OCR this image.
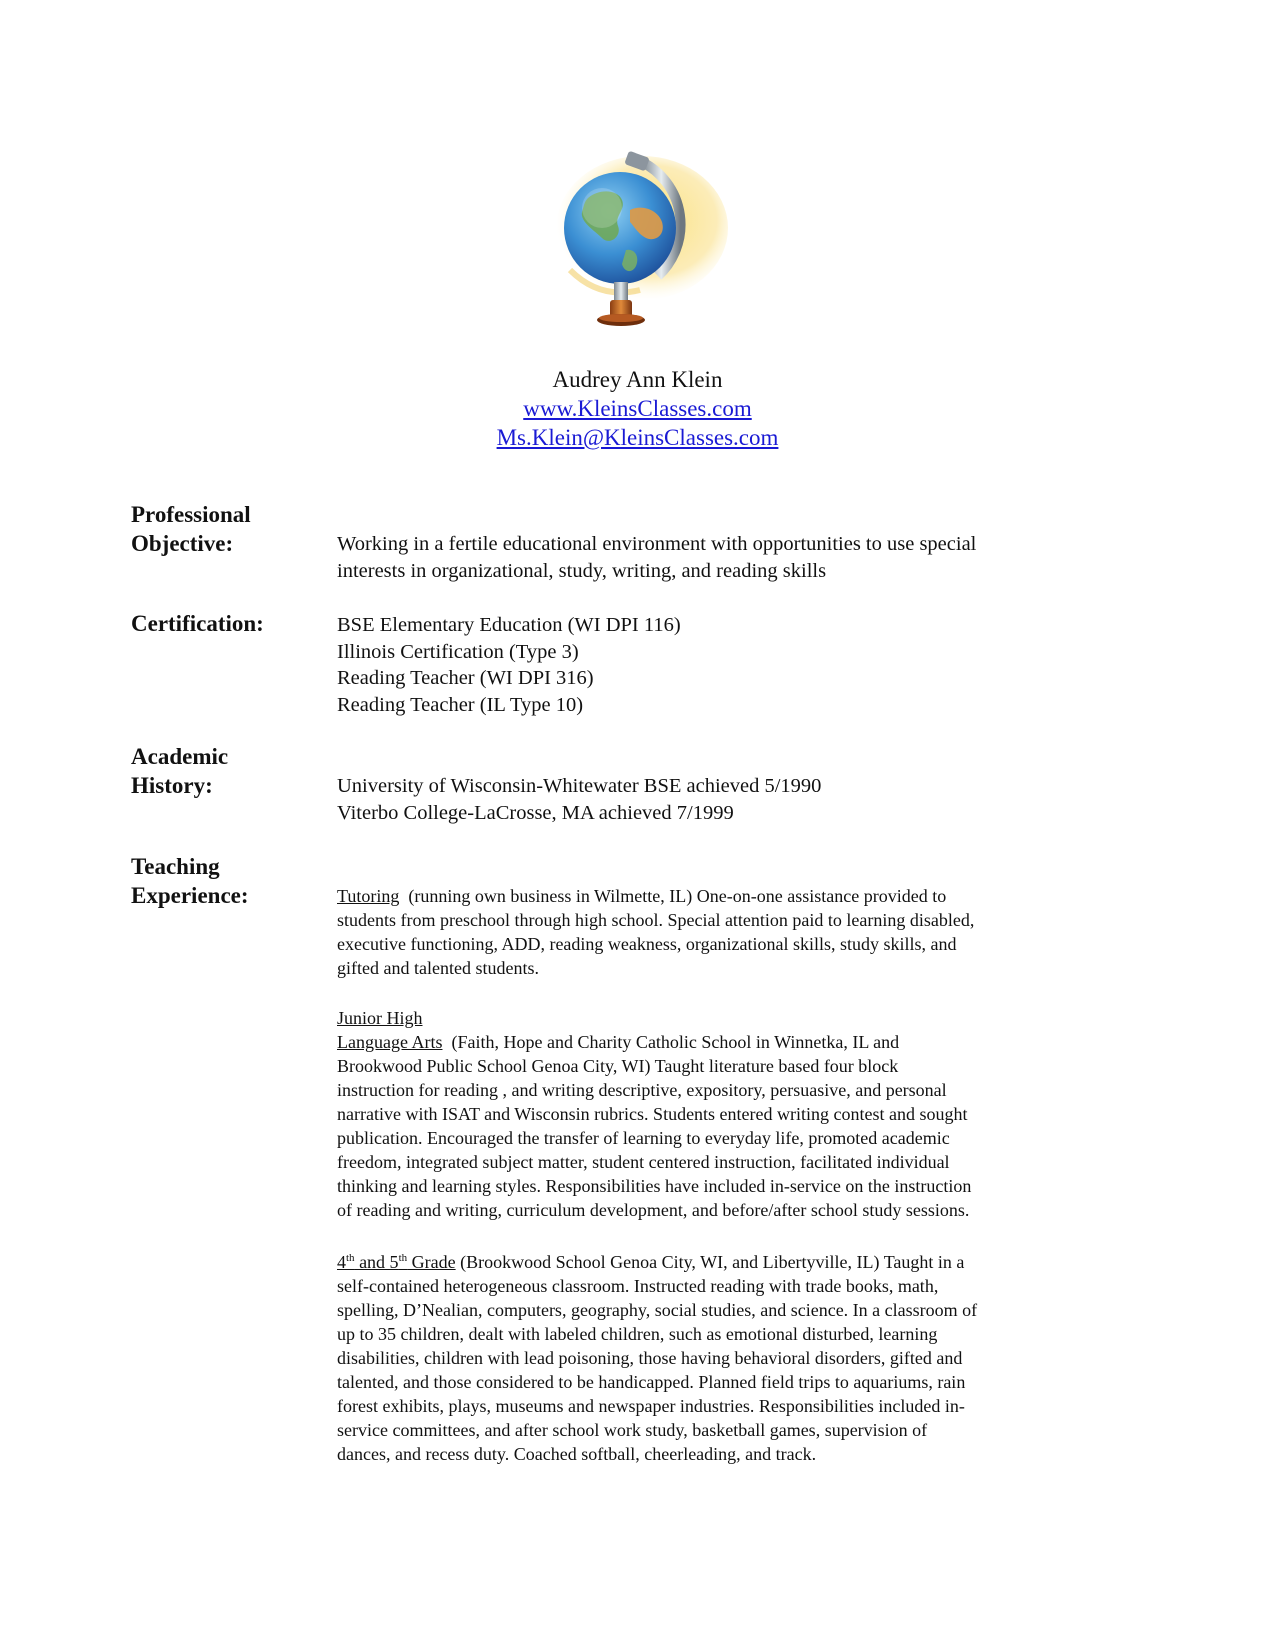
Audrey Ann Klein
www.KleinsClasses.com
Ms.Klein@KleinsClasses.com
Professional
Objective:	Working in a fertile educational environment with opportunities to use special
interests in organizational, study, writing, and reading skills
Certification:	BSE Elementary Education (WI DPI 116)
Illinois Certification (Type 3)
Reading Teacher (WI DPI 316)
Reading Teacher (IL Type 10)
Academic
History:	University of Wisconsin-Whitewater BSE achieved 5/1990
Viterbo College-LaCrosse, MA achieved 7/1999
Teaching
Experience:	Tutoring  (running own business in Wilmette, IL) One-on-one assistance provided to
students from preschool through high school. Special attention paid to learning disabled,
executive functioning, ADD, reading weakness, organizational skills, study skills, and
gifted and talented students.
Junior High
Language Arts  (Faith, Hope and Charity Catholic School in Winnetka, IL and
Brookwood Public School Genoa City, WI) Taught literature based four block
instruction for reading , and writing descriptive, expository, persuasive, and personal
narrative with ISAT and Wisconsin rubrics. Students entered writing contest and sought
publication. Encouraged the transfer of learning to everyday life, promoted academic
freedom, integrated subject matter, student centered instruction, facilitated individual
thinking and learning styles. Responsibilities have included in-service on the instruction
of reading and writing, curriculum development, and before/after school study sessions.
4th and 5th Grade (Brookwood School Genoa City, WI, and Libertyville, IL) Taught in a
self-contained heterogeneous classroom. Instructed reading with trade books, math,
spelling, D’Nealian, computers, geography, social studies, and science. In a classroom of
up to 35 children, dealt with labeled children, such as emotional disturbed, learning
disabilities, children with lead poisoning, those having behavioral disorders, gifted and
talented, and those considered to be handicapped. Planned field trips to aquariums, rain
forest exhibits, plays, museums and newspaper industries. Responsibilities included in-
service committees, and after school work study, basketball games, supervision of
dances, and recess duty. Coached softball, cheerleading, and track.
